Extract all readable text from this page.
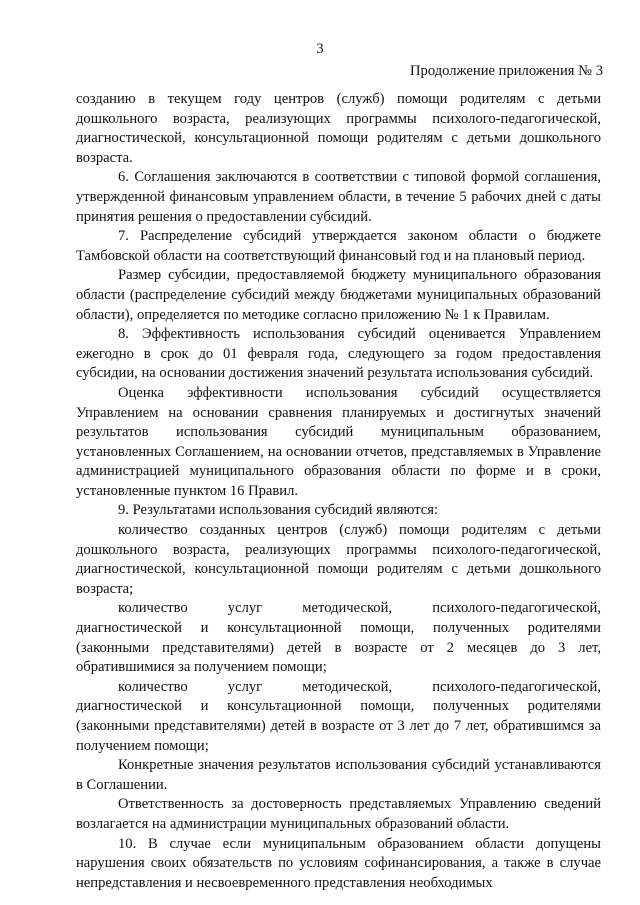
3
Продолжение приложения № 3

созданию в текущем году центров (служб) помощи родителям с детьми дошкольного возраста, реализующих программы психолого-педагогической, диагностической, консультационной помощи родителям с детьми дошкольного возраста.

6. Соглашения заключаются в соответствии с типовой формой соглашения, утвержденной финансовым управлением области, в течение 5 рабочих дней с даты принятия решения о предоставлении субсидий.

7. Распределение субсидий утверждается законом области о бюджете Тамбовской области на соответствующий финансовый год и на плановый период.

Размер субсидии, предоставляемой бюджету муниципального образования области (распределение субсидий между бюджетами муниципальных образований области), определяется по методике согласно приложению № 1 к Правилам.

8. Эффективность использования субсидий оценивается Управлением ежегодно в срок до 01 февраля года, следующего за годом предоставления субсидии, на основании достижения значений результата использования субсидий.

Оценка эффективности использования субсидий осуществляется Управлением на основании сравнения планируемых и достигнутых значений результатов использования субсидий муниципальным образованием, установленных Соглашением, на основании отчетов, представляемых в Управление администрацией муниципального образования области по форме и в сроки, установленные пунктом 16 Правил.

9. Результатами использования субсидий являются:

количество созданных центров (служб) помощи родителям с детьми дошкольного возраста, реализующих программы психолого-педагогической, диагностической, консультационной помощи родителям с детьми дошкольного возраста;

количество услуг методической, психолого-педагогической, диагностической и консультационной помощи, полученных родителями (законными представителями) детей в возрасте от 2 месяцев до 3 лет, обратившимися за получением помощи;

количество услуг методической, психолого-педагогической, диагностической и консультационной помощи, полученных родителями (законными представителями) детей в возрасте от 3 лет до 7 лет, обратившимся за получением помощи;

Конкретные значения результатов использования субсидий устанавливаются в Соглашении.

Ответственность за достоверность представляемых Управлению сведений возлагается на администрации муниципальных образований области.

10. В случае если муниципальным образованием области допущены нарушения своих обязательств по условиям софинансирования, а также в случае непредставления и несвоевременного представления необходимых
